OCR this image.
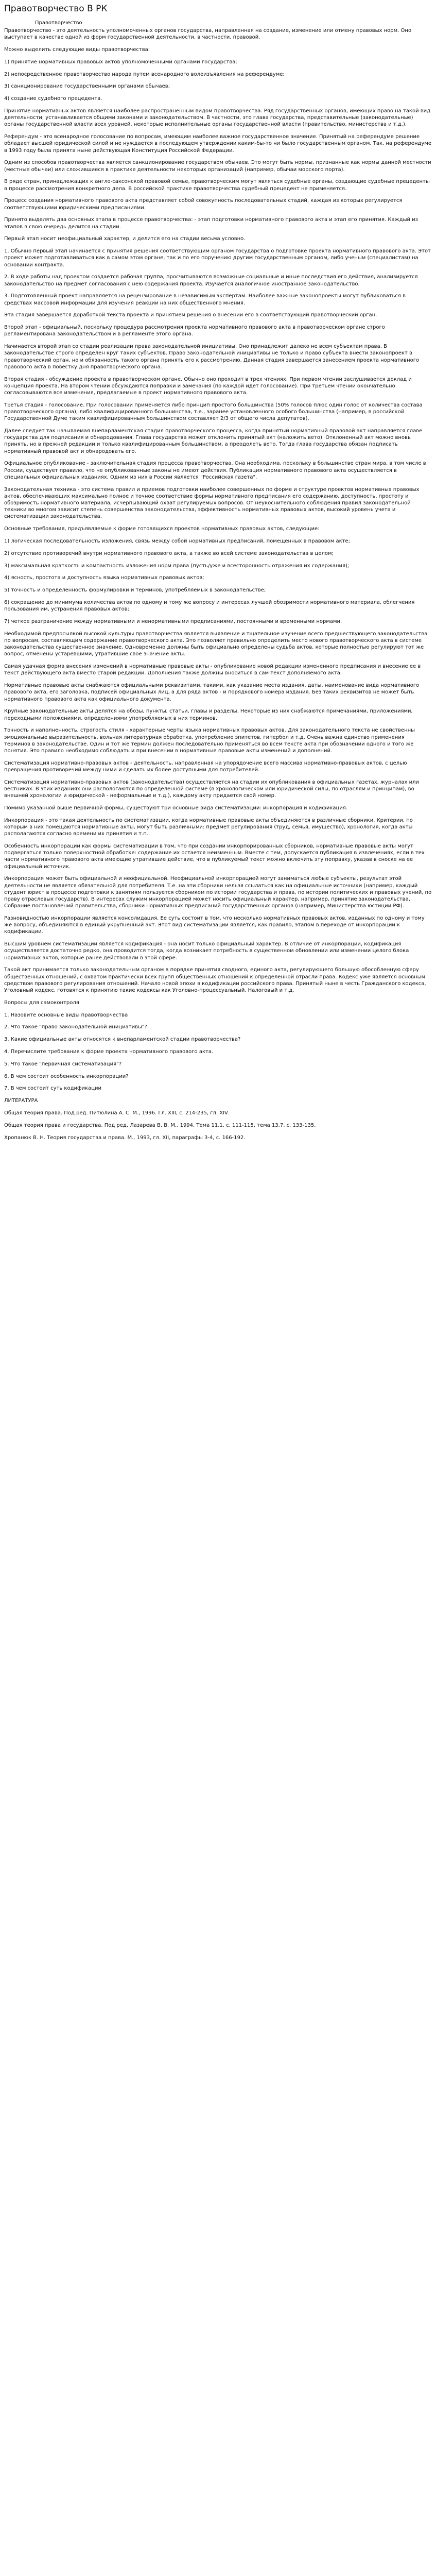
Правотворчество В РК
Правотворчество

Правотворчество - это деятельность уполномоченных органов государства, направленная на создание, изменение или отмену правовых норм. Оно выступает в качестве одной из форм государственной деятельности, в частности, правовой.

Можно выделить следующие виды правотворчества:

1) принятие нормативных правовых актов уполномоченными органами государства;

2) непосредственное правотворчество народа путем всенародного волеизъявления на референдуме;

3) санкционирование государственными органами обычаев;

4) создание судебного прецедента.

Принятие нормативных актов является наиболее распространенным видом правотворчества. Ряд государственных органов, имеющих право на такой вид деятельности, устанавливается общими законами и законодательством. В частности, это глава государства, представительные (законодательные) органы государственной власти всех уровней, некоторые исполнительные органы государственной власти (правительство, министерства и т.д.).

Референдум - это всенародное голосование по вопросам, имеющим наиболее важное государственное значение. Принятый на референдуме решение обладает высшей юридической силой и не нуждается в последующем утверждении каким-бы-то ни было государственным органом. Так, на референдуме в 1993 году была принята ныне действующая Конституция Российской Федерации.

Одним из способов правотворчества является санкционирование государством обычаев. Это могут быть нормы, признанные как нормы данной местности (местные обычаи) или сложившиеся в практике деятельности некоторых организаций (например, обычаи морского порта).

В ряде стран, принадлежащих к англо-саксонской правовой семье, правотворческим могут являться судебные органы, создающие судебные прецеденты в процессе рассмотрения конкретного дела. В российской практике правотворчества судебный прецедент не применяется.

Процесс создания нормативного правового акта представляет собой совокупность последовательных стадий, каждая из которых регулируется соответствующими юридическими предписаниями.

Принято выделять два основных этапа в процессе правотворчества: - этап подготовки нормативного правового акта и этап его принятия. Каждый из этапов в свою очередь делится на стадии.

Первый этап носит неофициальный характер, и делится его на стадии весьма условно.

1. Обычно первый этап начинается с принятия решения соответствующим органом государства о подготовке проекта нормативного правового акта. Этот проект может подготавливаться как в самом этом органе, так и по его поручению другим государственным органом, либо ученым (специалистам) на основании контракта.

2. В ходе работы над проектом создается рабочая группа, просчитываются возможные социальные и иные последствия его действия, анализируется законодательство на предмет согласования с нею содержания проекта. Изучается аналогичное иностранное законодательство.

3. Подготовленный проект направляется на рецензирование в независимым экспертам. Наиболее важные законопроекты могут публиковаться в средствах массовой информации для изучения реакции на них общественного мнения.

Эта стадия завершается доработкой текста проекта и принятием решения о внесении его в соответствующий правотворческий орган.

Второй этап - официальный, поскольку процедура рассмотрения проекта нормативного правового акта в правотворческом органе строго регламентирована законодательством и в регламенте этого органа.

Начинается второй этап со стадии реализации права законодательной инициативы. Оно принадлежит далеко не всем субъектам права. В законодательстве строго определен круг таких субъектов. Право законодательной инициативы не только и право субъекта внести законопроект в правотворческий орган, но и обязанность такого органа принять его к рассмотрению. Данная стадия завершается занесением проекта нормативного правового акта в повестку дня правотворческого органа.

Вторая стадия - обсуждение проекта в правотворческом органе. Обычно оно проходит в трех чтениях. При первом чтении заслушивается доклад и концепция проекта. На втором чтении обсуждаются поправки и замечания (по каждой идет голосование). При третьем чтении окончательно согласовываются все изменения, предлагаемые в проект нормативного правового акта.

Третья стадия - голосование. При голосовании применяется либо принцип простого большинства (50% голосов плюс один голос от количества состава правотворческого органа), либо квалифицированного большинства, т.е., заранее установленного особого большинства (например, в российской Государственной Думе таким квалифицированным большинством составляет 2/3 от общего числа депутатов).

Далее следует так называемая внепарламентская стадия правотворческого процесса, когда принятый нормативный правовой акт направляется главе государства для подписания и обнародования. Глава государства может отклонить принятый акт (наложить вето). Отклоненный акт можно вновь принять, но в прежней редакции и только квалифицированным большинством, а преодолеть вето. Тогда глава государства обязан подписать нормативный правовой акт и обнародовать его.

Официальное опубликование - заключительная стадия процесса правотворчества. Она необходима, поскольку в большинстве стран мира, в том числе в России, существует правило, что не опубликованные законы не имеют действия. Публикация нормативного правового акта осуществляется в специальных официальных изданиях. Одним из них в России является "Российская газета".

Законодательная техника - это система правил и приемов подготовки наиболее совершенных по форме и структуре проектов нормативных правовых актов, обеспечивающих максимально полное и точное соответствие формы нормативного предписания его содержанию, доступность, простоту и обозримость нормативного материала, исчерпывающий охват регулируемых вопросов. От неукоснительного соблюдения правил законодательной техники во многом зависит степень совершенства законодательства, эффективность нормативных правовых актов, высокий уровень учета и систематизации законодательства.

Основные требования, предъявляемые к форме готовящихся проектов нормативных правовых актов, следующие:

1) логическая последовательность изложения, связь между собой нормативных предписаний, помещенных в правовом акте;

2) отсутствие противоречий внутри нормативного правового акта, а также во всей системе законодательства в целом;

3) максимальная краткость и компактность изложения норм права (пусть/уже и всесторонность отражения их содержания);

4) ясность, простота и доступность языка нормативных правовых актов;

5) точность и определенность формулировки и терминов, употребляемых в законодательстве;

6) сокращение до минимума количества актов по одному и тому же вопросу и интересах лучшей обозримости нормативного материала, облегчения пользования им, устранения правовых актов;

7) четкое разграничение между нормативными и ненормативными предписаниями, постоянными и временными нормами.

Необходимой предпосылкой высокой культуры правотворчества является выявление и тщательное изучение всего предшествующего законодательства по вопросам, составляющим содержание правотворческого акта. Это позволяет правильно определить место нового правотворческого акта в системе законодательства существенное значение. Одновременно должны быть официально определены судьба актов, которые полностью регулируют тот же вопрос, отменены устаревшими, утратившие свое значение акты.

Самая удачная форма внесения изменений в нормативные правовые акты - опубликование новой редакции измененного предписания и внесение ее в текст действующего акта вместо старой редакции. Дополнения также должны вноситься в сам текст дополняемого акта.

Нормативные правовые акты снабжаются официальными реквизитами, такими, как указание места издания, даты, наименование вида нормативного правового акта, его заголовка, подписей официальных лиц, а для ряда актов - и порядкового номера издания. Без таких реквизитов не может быть нормативного правового акта как официального документа.

Крупные законодательные акты делятся на обозы, пункты, статьи, главы и разделы. Некоторые из них снабжаются примечаниями, приложениями, переходными положениями, определениями употребляемых в них терминов.

Точность и наполненность, строгость стиля - характерные черты языка нормативных правовых актов. Для законодательного текста не свойственны эмоциональные выразительность, вольная литературная обработка, употребление эпитетов, гипербол и т.д. Очень важна единство применения терминов в законодательстве. Один и тот же термин должен последовательно применяться во всем тексте акта при обозначении одного и того же понятия. Это правило необходимо соблюдать и при внесении в нормативные правовые акты изменений и дополнений.

Систематизация нормативно-правовых актов - деятельность, направленная на упорядочение всего массива нормативно-правовых актов, с целью превращения противоречий между ними и сделать их более доступными для потребителей.

Систематизация нормативно-правовых актов (законодательства) осуществляется на стадии их опубликования в официальных газетах, журналах или вестниках. В этих изданиях они распологаются по определенной системе (в хронологическом или юридической силы, по отраслям и принципам), во внешней хронологии и юридической - неформальные и т.д.), каждому акту придается свой номер.

Помимо указанной выше первичной формы, существуют три основные вида систематизации: инкорпорация и кодификация.

Инкорпорация - это такая деятельность по систематизации, когда нормативные правовые акты объединяются в различные сборники. Критерии, по которым в них помещаются нормативные акты, могут быть различными: предмет регулирования (труд, семья, имущество), хронология, когда акты располагаются согласно времени их принятия и т.п.

Особенность инкорпорации как формы систематизации в том, что при создании инкорпорированных сборников, нормативные правовые акты могут подвергаться только поверхностной обработке: содержание их остается неизменным. Вместе с тем, допускается публикация в извлечениях, если в тех части нормативного правового акта имеющие утратившие действие, что в публикуемый текст можно включить эту поправку, указав в сноске на ее официальный источник.

Инкорпорация может быть официальной и неофициальной. Неофициальной инкорпорацией могут заниматься любые субъекты, результат этой деятельности не является обязательной для потребителя. Т.е. на эти сборники нельзя ссылаться как на официальные источники (например, каждый студент юрист в процессе подготовки к занятиям пользуется сборником по истории государства и права, по истории политических и правовых учений, по праву отраслевых государств). В интересах служим инкорпорацией может носить официальный характер, например, принятие законодательства, Собрание постановлений правительства, сборники нормативных предписаний государственных органов (например, Министерства юстиции РФ).

Разновидностью инкорпорации является консолидация. Ее суть состоит в том, что несколько нормативных правовых актов, изданных по одному и тому же вопросу, объединяются в единый укрупненный акт. Этот вид систематизации является, как правило, этапом в переходе от инкорпорации к кодификации.

Высшим уровнем систематизации является кодификация - она носит только официальный характер. В отличие от инкорпорации, кодификация осуществляется достаточно редко, она проводится тогда, когда возникает потребность в существенном обновлении или изменении целого блока нормативных актов, которые ранее действовали в этой сфере.

Такой акт принимается только законодательным органом в порядке принятия сводного, единого акта, регулирующего большую обособленную сферу общественных отношений, с охватом практически всех групп общественных отношений к определенной отрасли права. Кодекс уже является основным средством правового регулирования отношений. Начало новой эпохи в кодификации российского права. Принятый ныне в честь Гражданского кодекса, Уголовный кодекс, готовятся к принятию такие кодексы как Уголовно-процессуальный, Налоговый и т.д.

Вопросы для самоконтроля

1. Назовите основные виды правотворчества

2. Что такое "право законодательной инициативы"?

3. Какие официальные акты относятся к внепарламентской стадии правотворчества?

4. Перечислите требования к форме проекта нормативного правового акта.

5. Что такое "первичная систематизация"?

6. В чем состоит особенность инкорпорации?

7. В чем состоит суть кодификации

ЛИТЕРАТУРА

Общая теория права. Под ред. Питюлина А. С. М., 1996. Гл. XIII, с. 214-235, гл. XIV.

Общая теория права и государства. Под ред. Лазарева В. В. М., 1994. Тема 11.1, с. 111-115, тема 13.7, с. 133-135.

Хропанюк В. Н. Теория государства и права. М., 1993, гл. XII, параграфы 3-4, с. 166-192.
